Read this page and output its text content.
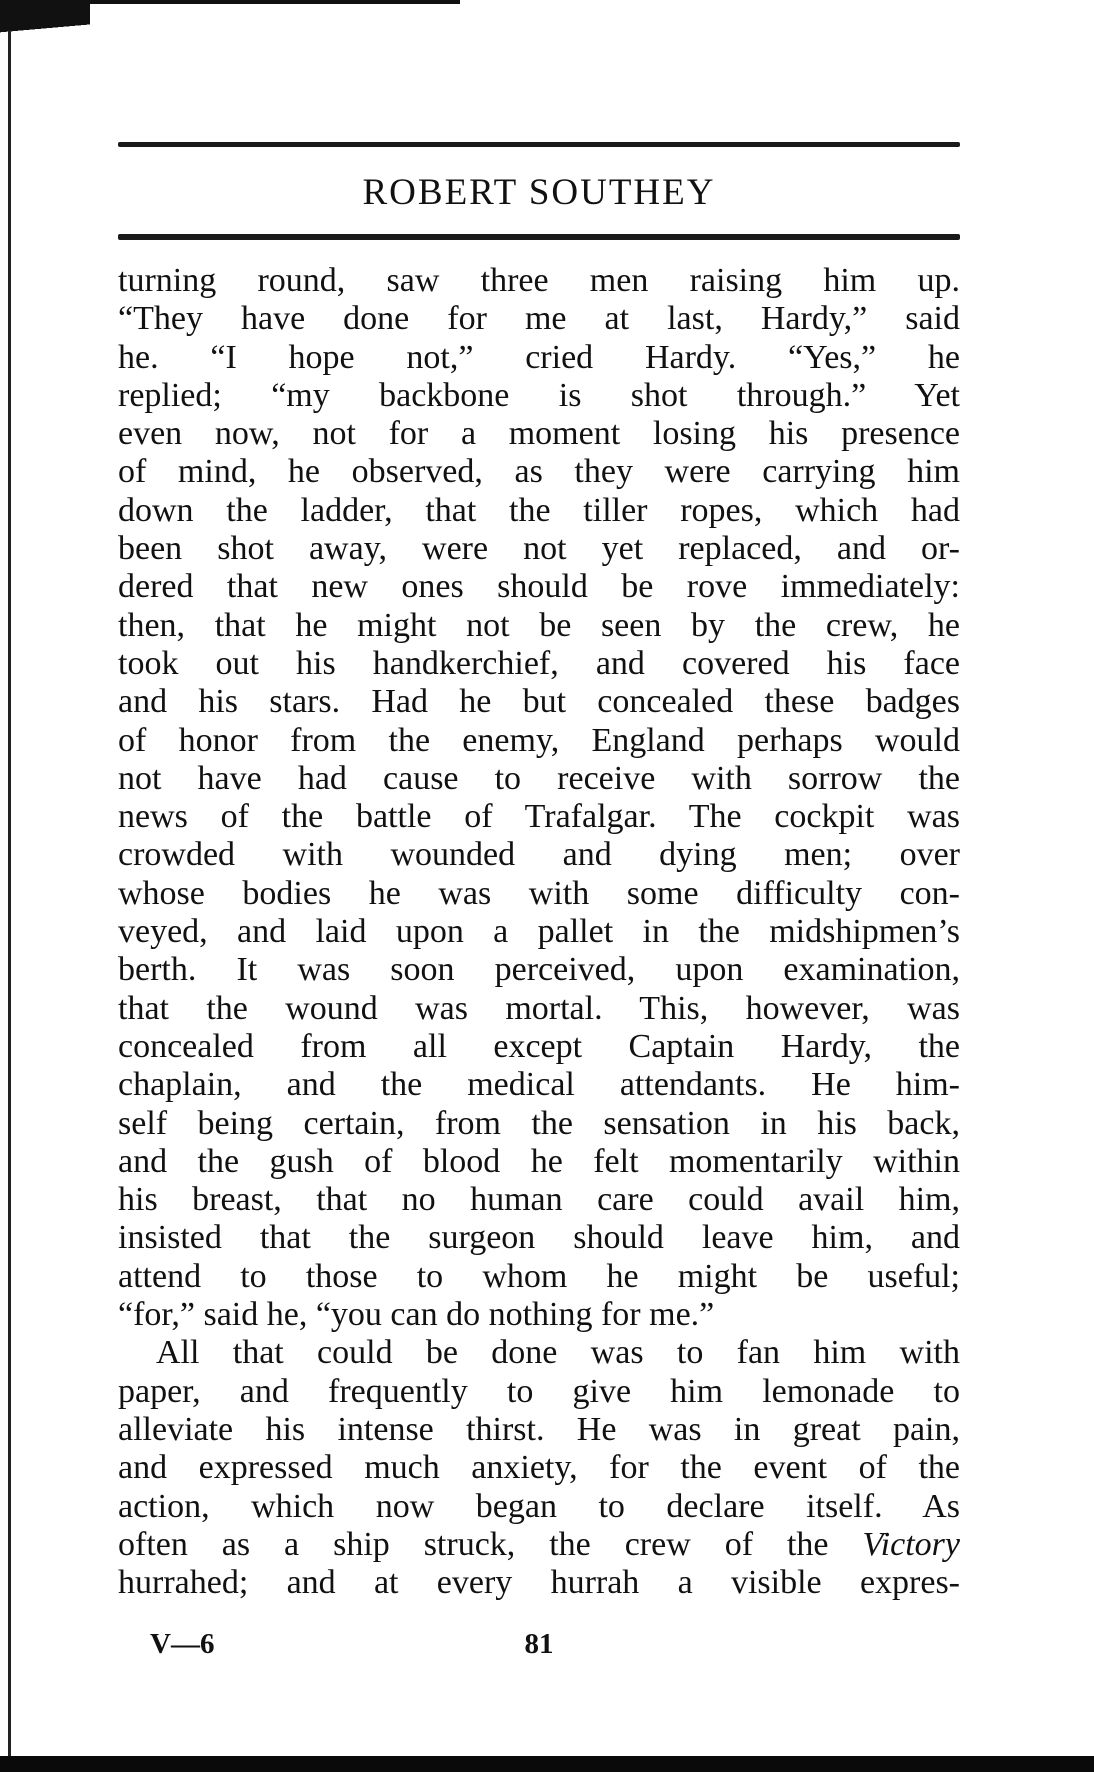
ROBERT SOUTHEY
turning round, saw three men raising him up.
“They have done for me at last, Hardy,” said
he. “I hope not,” cried Hardy. “Yes,” he
replied; “my backbone is shot through.” Yet
even now, not for a moment losing his presence
of mind, he observed, as they were carrying him
down the ladder, that the tiller ropes, which had
been shot away, were not yet replaced, and or-
dered that new ones should be rove immediately:
then, that he might not be seen by the crew, he
took out his handkerchief, and covered his face
and his stars. Had he but concealed these badges
of honor from the enemy, England perhaps would
not have had cause to receive with sorrow the
news of the battle of Trafalgar. The cockpit was
crowded with wounded and dying men; over
whose bodies he was with some difficulty con-
veyed, and laid upon a pallet in the midshipmen’s
berth. It was soon perceived, upon examination,
that the wound was mortal. This, however, was
concealed from all except Captain Hardy, the
chaplain, and the medical attendants. He him-
self being certain, from the sensation in his back,
and the gush of blood he felt momentarily within
his breast, that no human care could avail him,
insisted that the surgeon should leave him, and
attend to those to whom he might be useful;
“for,” said he, “you can do nothing for me.”
All that could be done was to fan him with
paper, and frequently to give him lemonade to
alleviate his intense thirst. He was in great pain,
and expressed much anxiety, for the event of the
action, which now began to declare itself. As
often as a ship struck, the crew of the Victory
hurrahed; and at every hurrah a visible expres-
V—6	81
